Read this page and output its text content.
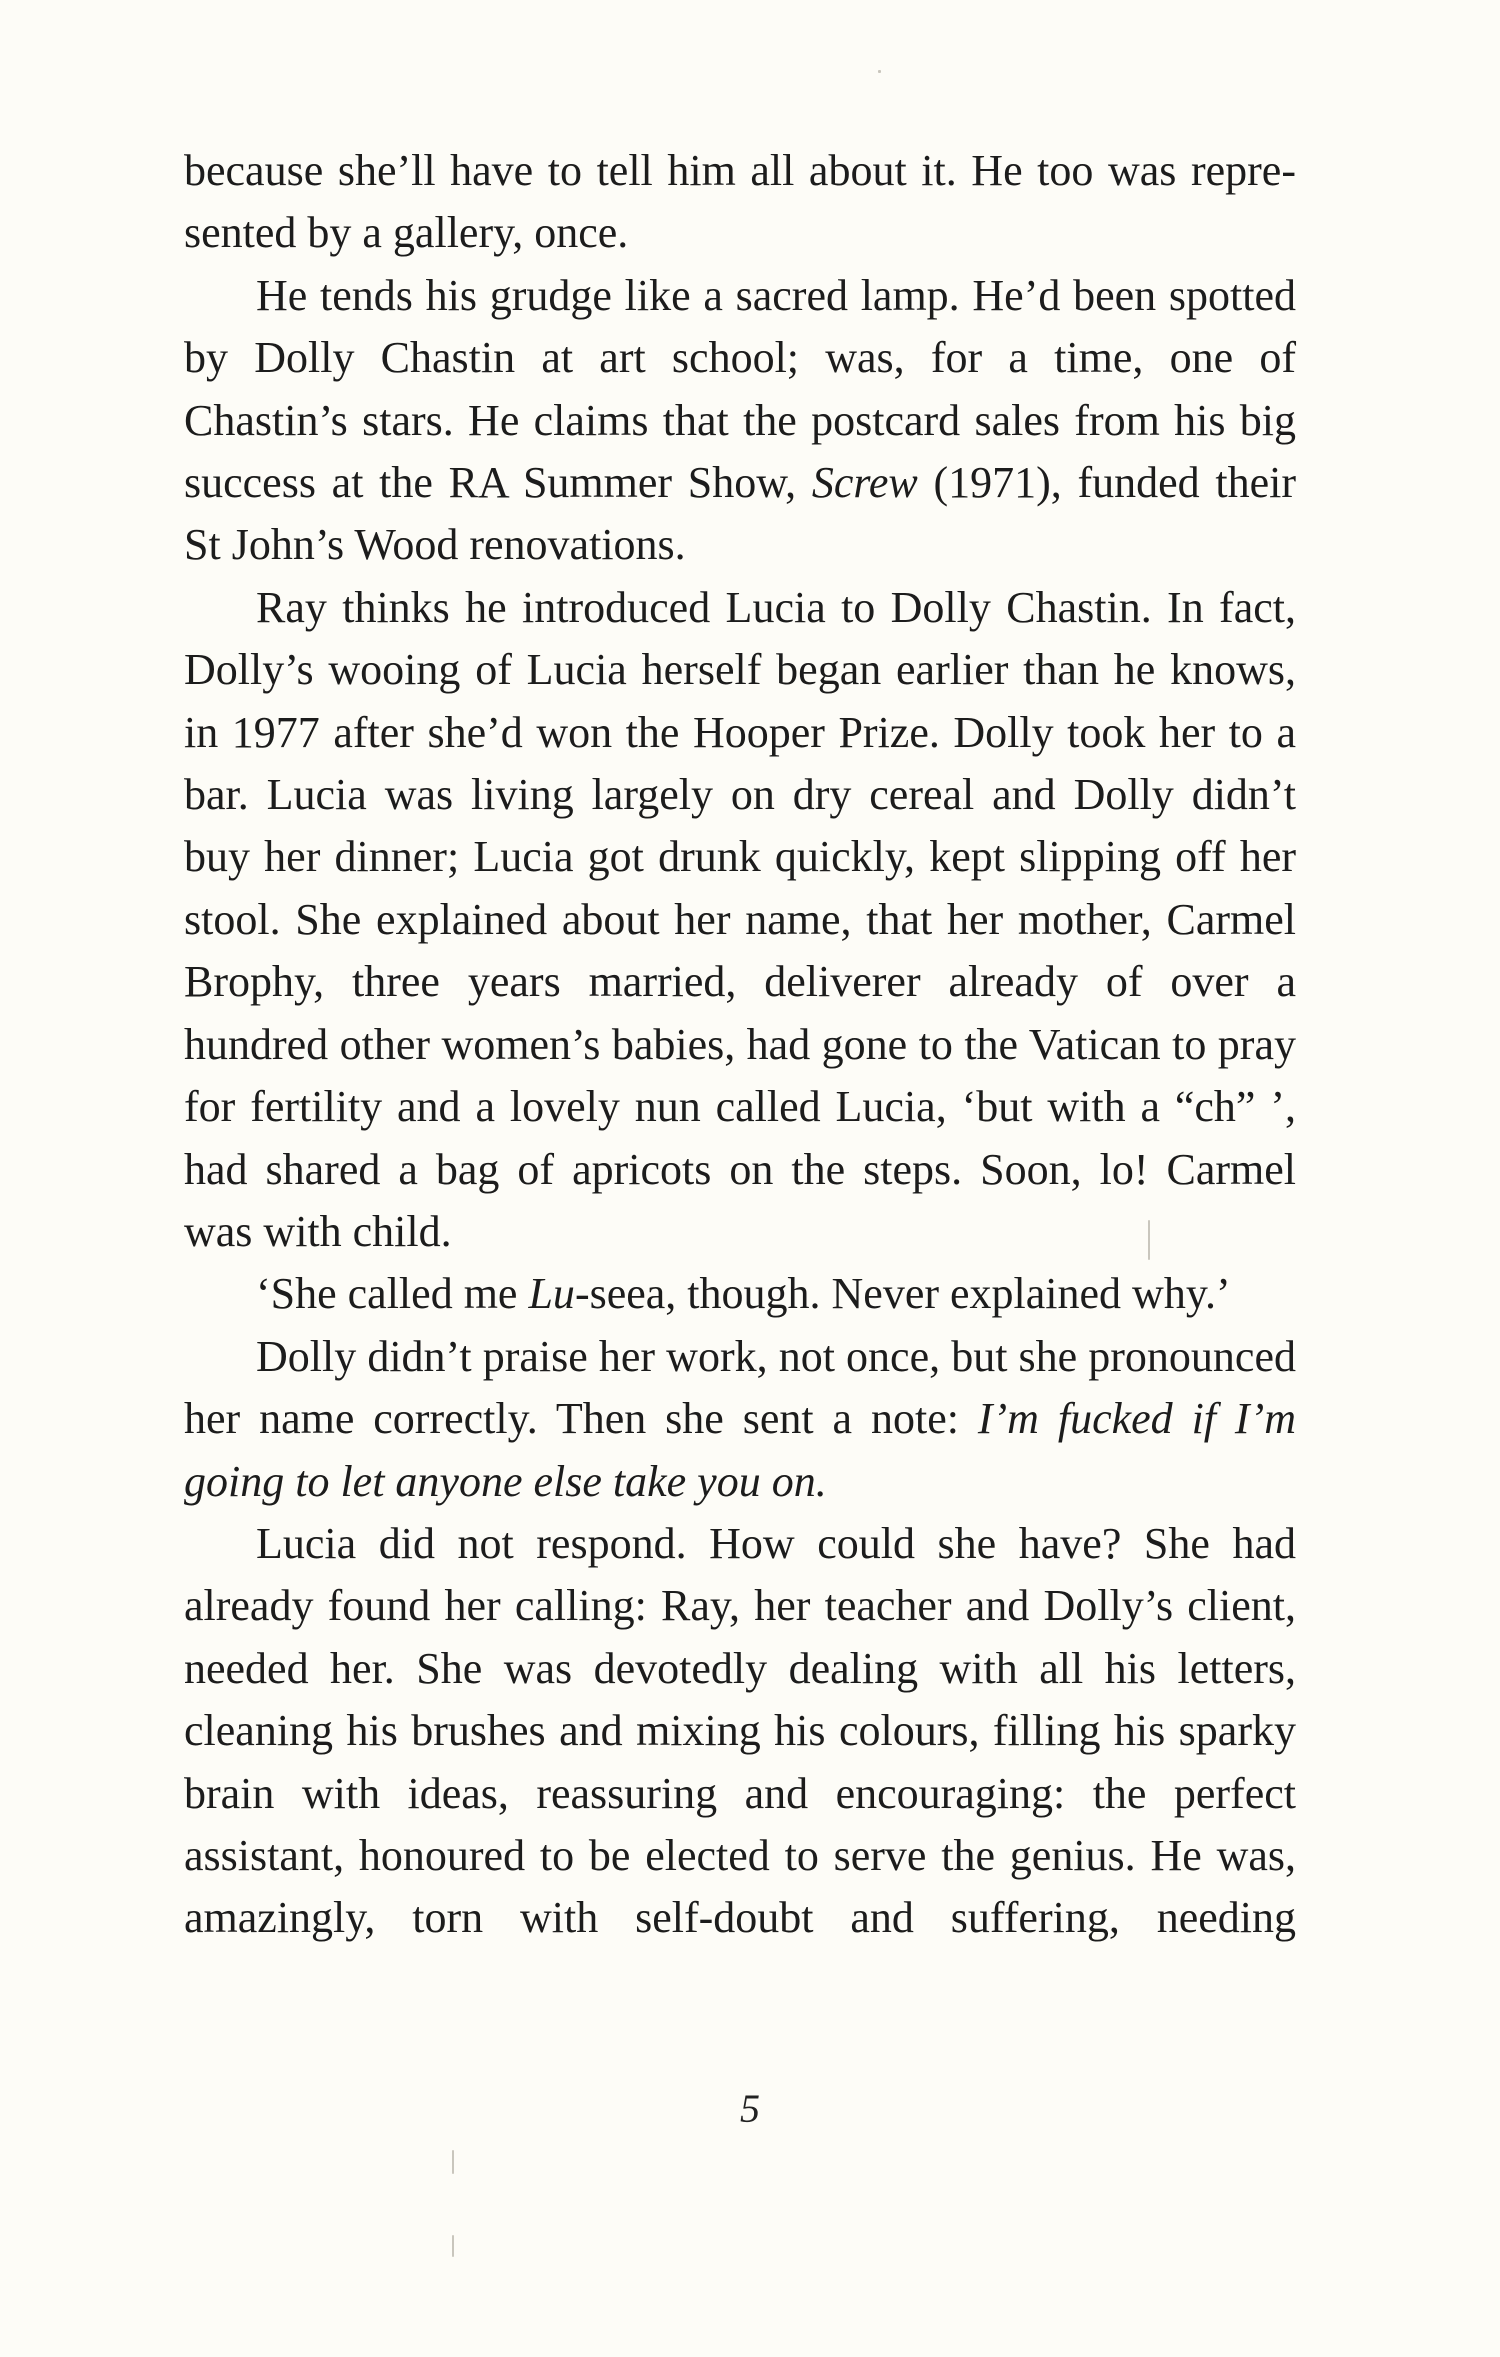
because she’ll have to tell him all about it. He too was represented by a gallery, once.

He tends his grudge like a sacred lamp. He’d been spotted by Dolly Chastin at art school; was, for a time, one of Chastin’s stars. He claims that the postcard sales from his big success at the RA Summer Show, Screw (1971), funded their St John’s Wood renovations.

Ray thinks he introduced Lucia to Dolly Chastin. In fact, Dolly’s wooing of Lucia herself began earlier than he knows, in 1977 after she’d won the Hooper Prize. Dolly took her to a bar. Lucia was living largely on dry cereal and Dolly didn’t buy her dinner; Lucia got drunk quickly, kept slipping off her stool. She explained about her name, that her mother, Carmel Brophy, three years married, deliverer already of over a hundred other women’s babies, had gone to the Vatican to pray for fertility and a lovely nun called Lucia, ‘but with a “ch” ’, had shared a bag of apricots on the steps. Soon, lo! Carmel was with child.

‘She called me Lu-seea, though. Never explained why.’

Dolly didn’t praise her work, not once, but she pronounced her name correctly. Then she sent a note: I’m fucked if I’m going to let anyone else take you on.

Lucia did not respond. How could she have? She had already found her calling: Ray, her teacher and Dolly’s client, needed her. She was devotedly dealing with all his letters, cleaning his brushes and mixing his colours, filling his sparky brain with ideas, reassuring and encouraging: the perfect assistant, honoured to be elected to serve the genius. He was, amazingly, torn with self-doubt and suffering, needing

5
